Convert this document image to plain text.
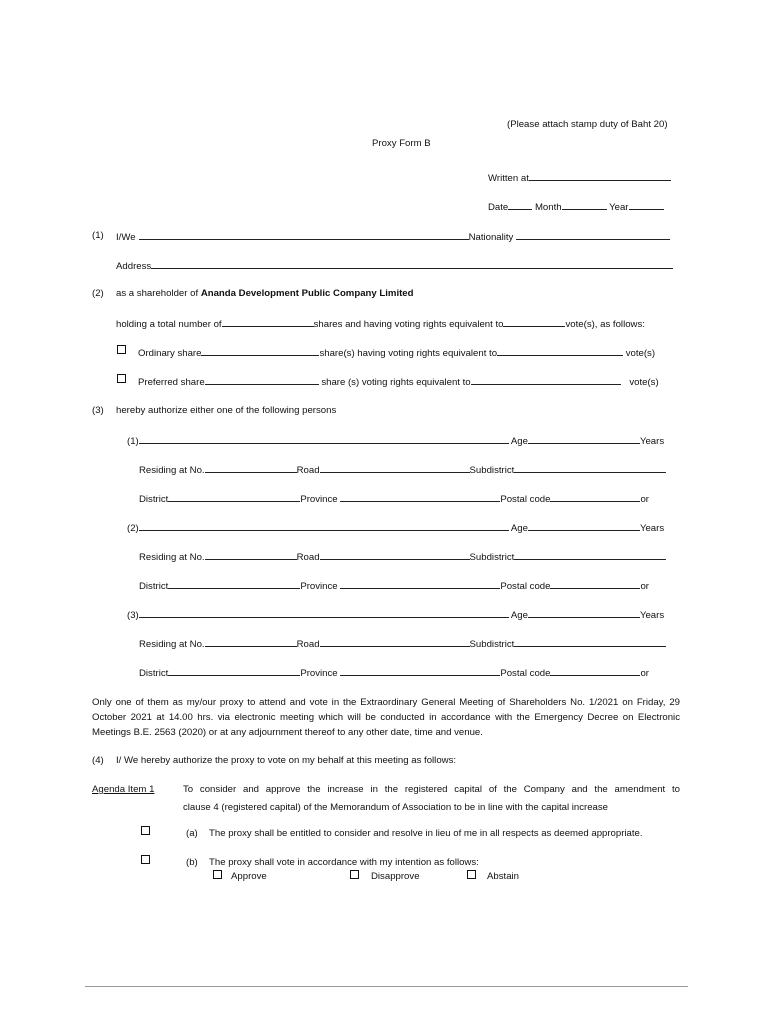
(Please attach stamp duty of Baht 20)
Proxy Form B
Written at
Date	Month	Year
(1) I/We	Nationality
Address
(2) as a shareholder of Ananda Development Public Company Limited
holding a total number of	shares and having voting rights equivalent to	vote(s), as follows:
Ordinary share	share(s) having voting rights equivalent to	vote(s)
Preferred share	share (s) voting rights equivalent to	vote(s)
(3) hereby authorize either one of the following persons
(1)	Age	Years
Residing at No.	Road	Subdistrict
District	Province	Postal code	or
(2)	Age	Years
Residing at No.	Road	Subdistrict
District	Province	Postal code	or
(3)	Age	Years
Residing at No.	Road	Subdistrict
District	Province	Postal code	or
Only one of them as my/our proxy to attend and vote in the Extraordinary General Meeting of Shareholders No. 1/2021 on Friday, 29 October 2021 at 14.00 hrs. via electronic meeting which will be conducted in accordance with the Emergency Decree on Electronic Meetings B.E. 2563 (2020) or at any adjournment thereof to any other date, time and venue.
(4) I/ We hereby authorize the proxy to vote on my behalf at this meeting as follows:
Agenda Item 1	To consider and approve the increase in the registered capital of the Company and the amendment to
clause 4 (registered capital) of the Memorandum of Association to be in line with the capital increase
(a) The proxy shall be entitled to consider and resolve in lieu of me in all respects as deemed appropriate.
(b) The proxy shall vote in accordance with my intention as follows:
Approve	Disapprove	Abstain
